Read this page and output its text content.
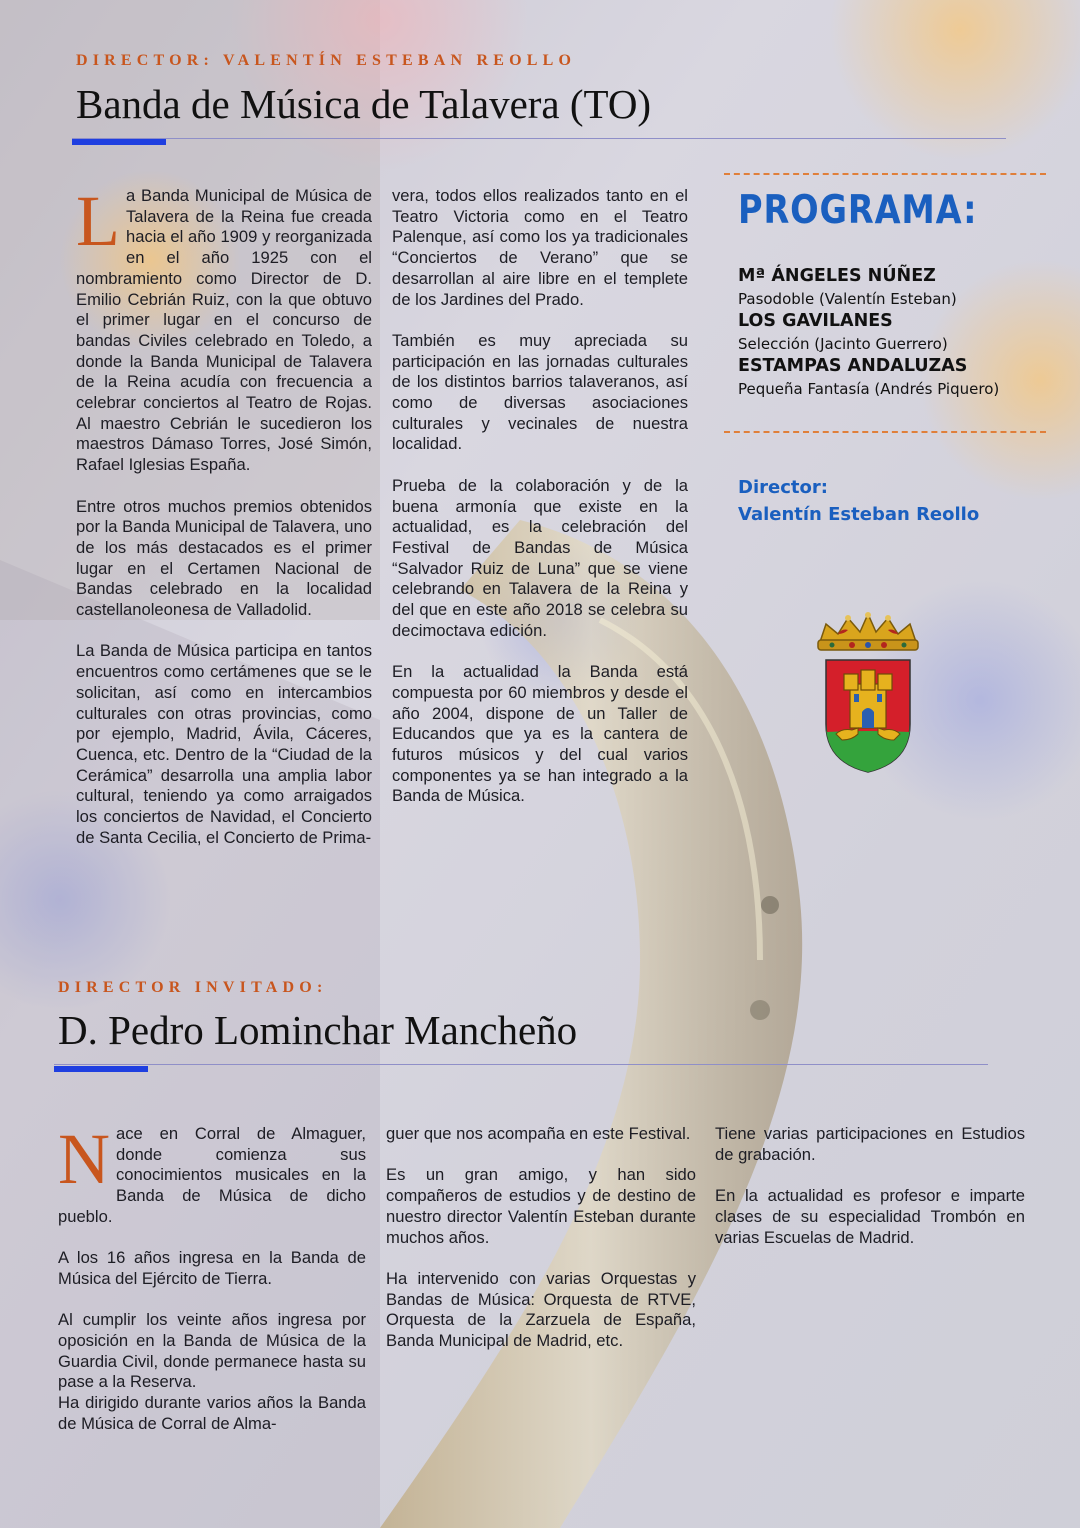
DIRECTOR: VALENTÍN ESTEBAN REOLLO
Banda de Música de Talavera (TO)

L a Banda Municipal de Música de Talavera de la Reina fue creada hacia el año 1909 y reorganizada en el año 1925 con el nombramiento como Director de D. Emilio Cebrián Ruiz, con la que obtuvo el primer lugar en el concurso de bandas Civiles celebrado en Toledo, a donde la Banda Municipal de Talavera de la Reina acudía con frecuencia a celebrar conciertos al Teatro de Rojas. Al maestro Cebrián le sucedieron los maestros Dámaso Torres, José Simón, Rafael Iglesias España.

Entre otros muchos premios obtenidos por la Banda Municipal de Talavera, uno de los más destacados es el primer lugar en el Certamen Nacional de Bandas celebrado en la localidad castellanoleonesa de Valladolid.

La Banda de Música participa en tantos encuentros como certámenes que se le solicitan, así como en intercambios culturales con otras provincias, como por ejemplo, Madrid, Ávila, Cáceres, Cuenca, etc. Dentro de la “Ciudad de la Cerámica” desarrolla una amplia labor cultural, teniendo ya como arraigados los conciertos de Navidad, el Concierto de Santa Cecilia, el Concierto de Prima-

vera, todos ellos realizados tanto en el Teatro Victoria como en el Teatro Palenque, así como los ya tradicionales “Conciertos de Verano” que se desarrollan al aire libre en el templete de los Jardines del Prado.

También es muy apreciada su participación en las jornadas culturales de los distintos barrios talaveranos, así como de diversas asociaciones culturales y vecinales de nuestra localidad.

Prueba de la colaboración y de la buena armonía que existe en la actualidad, es la celebración del Festival de Bandas de Música “Salvador Ruiz de Luna” que se viene celebrando en Talavera de la Reina y del que en este año 2018 se celebra su decimoctava edición.

En la actualidad la Banda está compuesta por 60 miembros y desde el año 2004, dispone de un Taller de Educandos que ya es la cantera de futuros músicos y del cual varios componentes ya se han integrado a la Banda de Música.

PROGRAMA:
Mª ÁNGELES NÚÑEZ
Pasodoble (Valentín Esteban)
LOS GAVILANES
Selección (Jacinto Guerrero)
ESTAMPAS ANDALUZAS
Pequeña Fantasía (Andrés Piquero)
Director:
Valentín Esteban Reollo
DIRECTOR INVITADO:
D. Pedro Lominchar Mancheño

N ace en Corral de Almaguer, donde comienza sus conocimientos musicales en la Banda de Música de dicho pueblo.

A los 16 años ingresa en la Banda de Música del Ejército de Tierra.

Al cumplir los veinte años ingresa por oposición en la Banda de Música de la Guardia Civil, donde permanece hasta su pase a la Reserva.

Ha dirigido durante varios años la Banda de Música de Corral de Alma-

guer que nos acompaña en este Festival.

Es un gran amigo, y han sido compañeros de estudios y de destino de nuestro director Valentín Esteban durante muchos años.

Ha intervenido con varias Orquestas y Bandas de Música: Orquesta de RTVE, Orquesta de la Zarzuela de España, Banda Municipal de Madrid, etc.

Tiene varias participaciones en Estudios de grabación.

En la actualidad es profesor e imparte clases de su especialidad Trombón en varias Escuelas de Madrid.
